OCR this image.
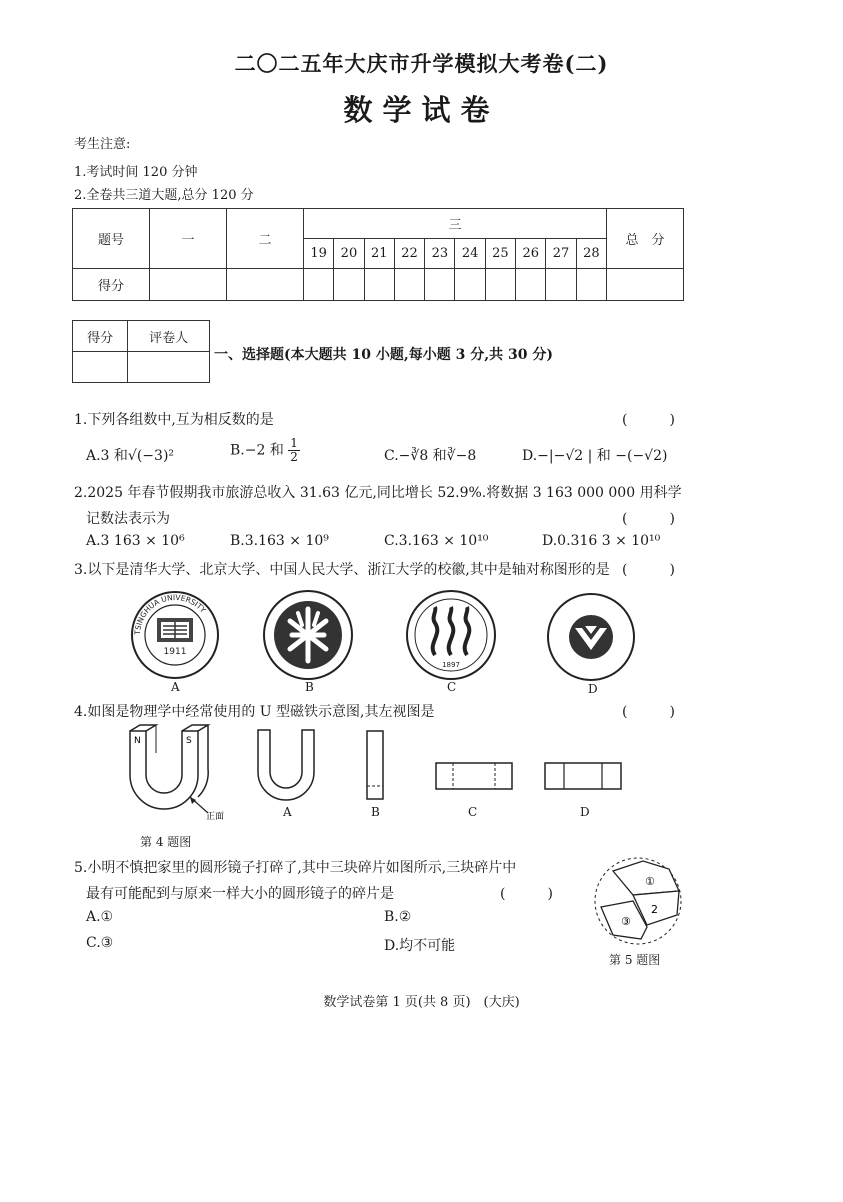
二〇二五年大庆市升学模拟大考卷(二)
数学试卷
考生注意:
1.考试时间 120 分钟
2.全卷共三道大题,总分 120 分
题号	一	二	三										总　分
			19	20	21	22	23	24	25	26	27	28	
得分													
得分	评卷人

一、选择题(本大题共 10 小题,每小题 3 分,共 30 分)
1.下列各组数中,互为相反数的是	(　　　)
A.3 和√(−3)²	B.−2 和 $\frac{1}{2}$	C.−∛8 和∛−8	D.−|−√2 | 和 −(−√2)
2.2025 年春节假期我市旅游总收入 31.63 亿元,同比增长 52.9%.将数据 3 163 000 000 用科学
记数法表示为	(　　　)
A.3 163 × 10⁶	B.3.163 × 10⁹	C.3.163 × 10¹⁰	D.0.316 3 × 10¹⁰
3.以下是清华大学、北京大学、中国人民大学、浙江大学的校徽,其中是轴对称图形的是 (　　　)
TSINGHUA UNIVERSITY
1911
A	B
1897
C	D
4.如图是物理学中经常使用的 U 型磁铁示意图,其左视图是	(　　　)
N	S
正面
第 4 题图
A	B	C	D
5.小明不慎把家里的圆形镜子打碎了,其中三块碎片如图所示,三块碎片中
最有可能配到与原来一样大小的圆形镜子的碎片是	(　　　)
A.①	B.②
C.③	D.均不可能
①
2
③
第 5 题图
数学试卷第 1 页(共 8 页)　(大庆)
